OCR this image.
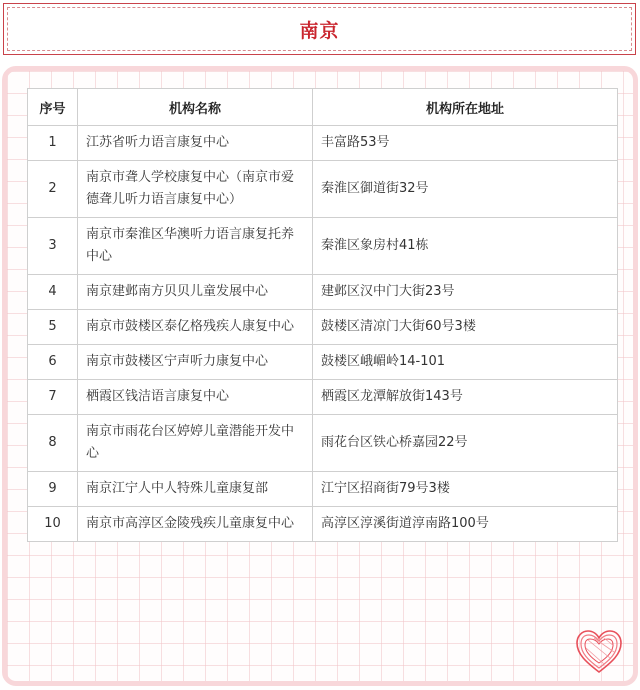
南京
序号	机构名称	机构所在地址
1	江苏省听力语言康复中心	丰富路53号
2	南京市聋人学校康复中心（南京市爱德聋儿听力语言康复中心）	秦淮区御道街32号
3	南京市秦淮区华澳听力语言康复托养中心	秦淮区象房村41栋
4	南京建邺南方贝贝儿童发展中心	建邺区汉中门大街23号
5	南京市鼓楼区泰亿格残疾人康复中心	鼓楼区清凉门大街60号3楼
6	南京市鼓楼区宁声听力康复中心	鼓楼区峨嵋岭14-101
7	栖霞区钱洁语言康复中心	栖霞区龙潭解放街143号
8	南京市雨花台区婷婷儿童潜能开发中心	雨花台区铁心桥嘉园22号
9	南京江宁人中人特殊儿童康复部	江宁区招商街79号3楼
10	南京市高淳区金陵残疾儿童康复中心	高淳区淳溪街道淳南路100号
